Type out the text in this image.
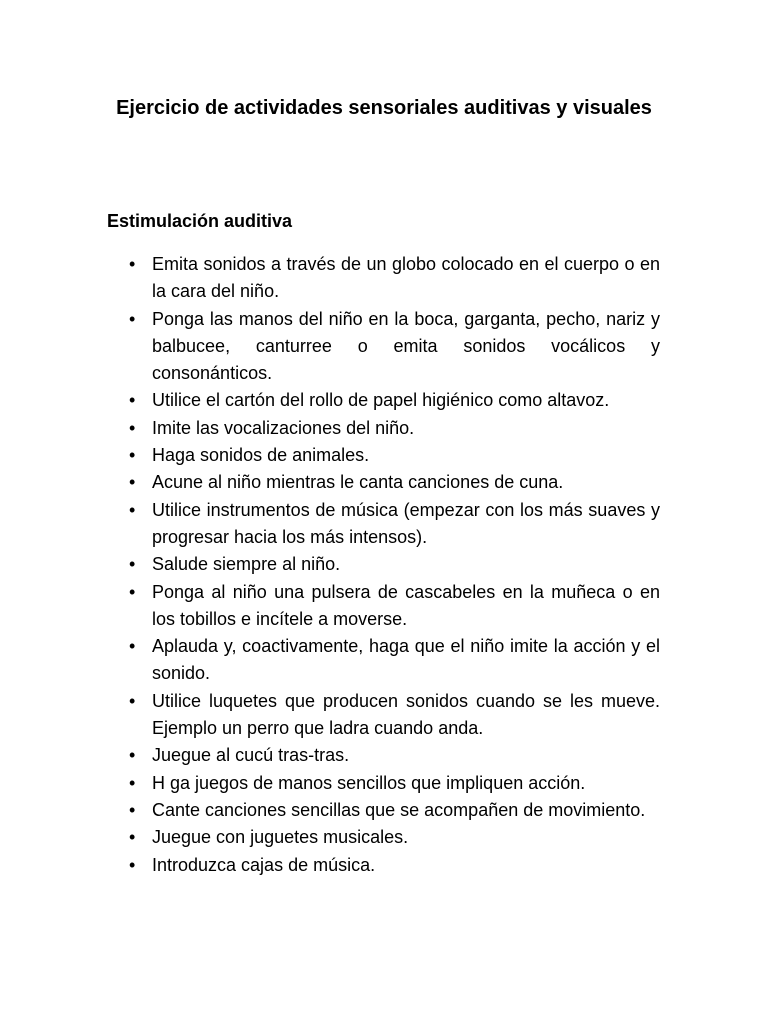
Ejercicio de actividades sensoriales auditivas y visuales
Estimulación auditiva
• Emita sonidos a través de un globo colocado en el cuerpo o en la cara del niño.
• Ponga las manos del niño en la boca, garganta, pecho, nariz y balbucee, canturree o emita sonidos vocálicos y consonánticos.
• Utilice el cartón del rollo de papel higiénico como altavoz.
• Imite las vocalizaciones del niño.
• Haga sonidos de animales.
• Acune al niño mientras le canta canciones de cuna.
• Utilice instrumentos de música (empezar con los más suaves y progresar hacia los más intensos).
• Salude siempre al niño.
• Ponga al niño una pulsera de cascabeles en la muñeca o en los tobillos e incítele a moverse.
• Aplauda y, coactivamente, haga que el niño imite la acción y el sonido.
• Utilice luquetes que producen sonidos cuando se les mueve. Ejemplo un perro que ladra cuando anda.
• Juegue al cucú tras-tras.
• H ga juegos de manos sencillos que impliquen acción.
• Cante canciones sencillas que se acompañen de movimiento.
• Juegue con juguetes musicales.
• Introduzca cajas de música.
